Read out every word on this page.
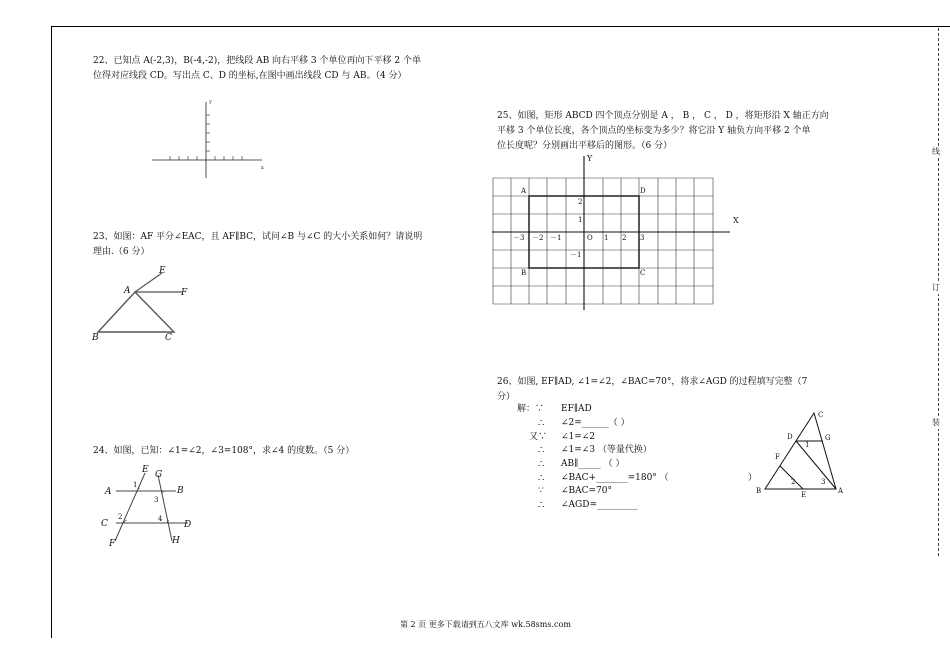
线
订
装
22、已知点 A(-2,3)，B(-4,-2)，把线段 AB 向右平移 3 个单位再向下平移 2 个单
位得对应线段 CD。写出点 C、D 的坐标,在图中画出线段 CD 与 AB。（4 分）
y
x
23、如图：AF 平分∠EAC，且 AF∥BC，试问∠B 与∠C 的大小关系如何？请说明
理由.（6 分）
E
A	F
B	C
24、如图，已知：∠1=∠2，∠3=108°，求∠4 的度数。（5 分）
E G
A	B
1
3
2	4
C	D
F	H
25、如图，矩形 ABCD 四个顶点分别是 A ， B ， C ， D ，将矩形沿 X 轴正方向
平移 3 个单位长度，各个顶点的坐标变为多少？将它沿 Y 轴负方向平移 2 个单
位长度呢？分别画出平移后的图形。（6 分）
Y
X
A	D
B	C
2
1
－1
－3 －2 －1	O 1 2 3
26、如图, EF∥AD, ∠1=∠2，∠BAC=70°，将求∠AGD 的过程填写完整（7
分）
解：∵ EF∥AD
∴ ∠2=______（ ）
又∵ ∠1=∠2
∴ ∠1=∠3 （等量代换）
∴ AB∥_____ （ ）
∴ ∠BAC+_______=180° （	）
∵ ∠BAC=70°
∴ ∠AGD=_________
C
D	G
1
F
2	3
B	E	A
第 2 页 更多下载请到五八文库 wk.58sms.com
